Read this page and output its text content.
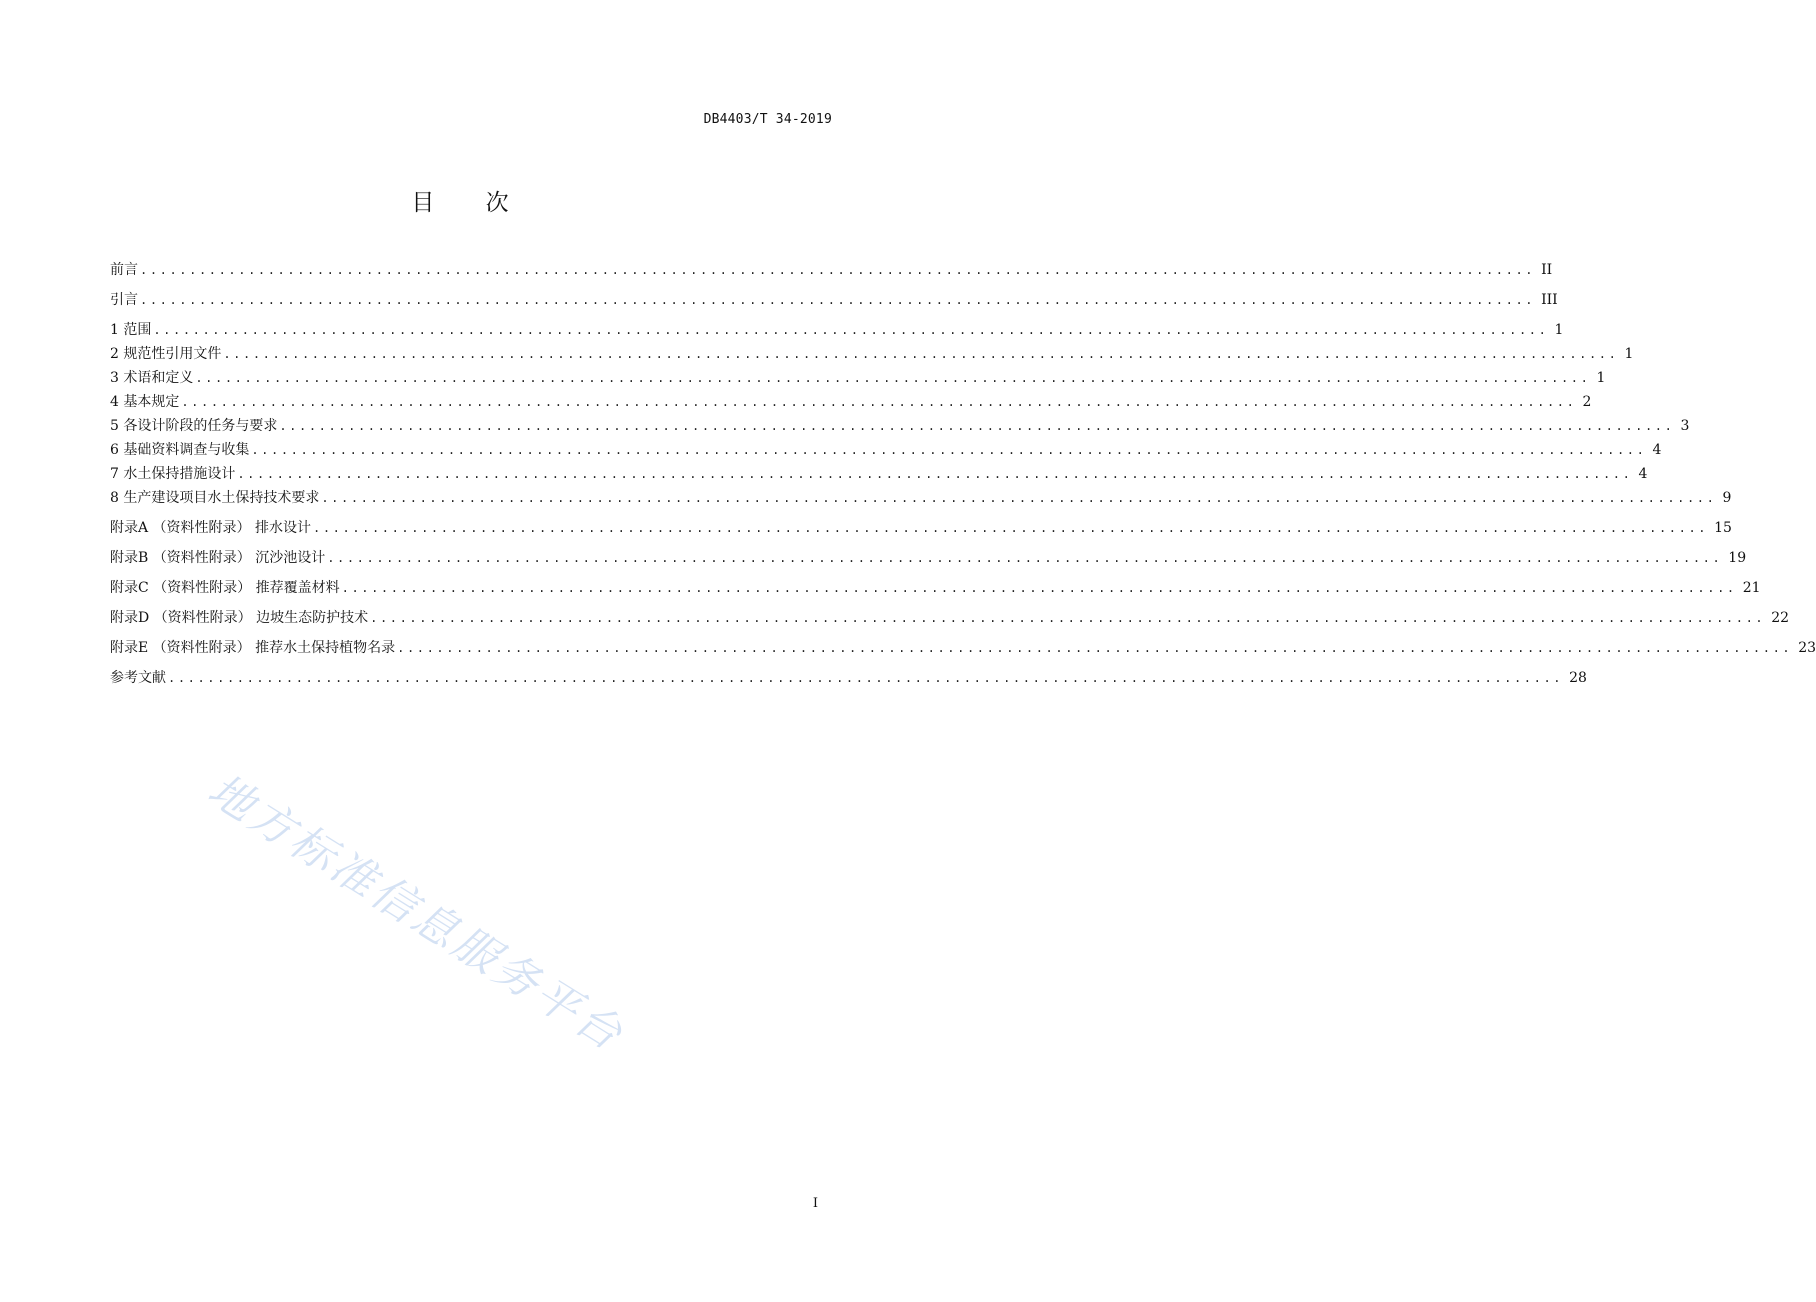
DB4403/T 34-2019
目 次
前言 .............................................................................................................................................. II
引言 .............................................................................................................................................. III
1 范围 .............................................................................................................................................. 1
2 规范性引用文件 .............................................................................................................................................. 1
3 术语和定义 .............................................................................................................................................. 1
4 基本规定 .............................................................................................................................................. 2
5 各设计阶段的任务与要求 .............................................................................................................................................. 3
6 基础资料调查与收集 .............................................................................................................................................. 4
7 水土保持措施设计 .............................................................................................................................................. 4
8 生产建设项目水土保持技术要求 .............................................................................................................................................. 9
附录A （资料性附录） 排水设计 .............................................................................................................................................. 15
附录B （资料性附录） 沉沙池设计 .............................................................................................................................................. 19
附录C （资料性附录） 推荐覆盖材料 .............................................................................................................................................. 21
附录D （资料性附录） 边坡生态防护技术 .............................................................................................................................................. 22
附录E （资料性附录） 推荐水土保持植物名录 .............................................................................................................................................. 23
参考文献 .............................................................................................................................................. 28
地方标准信息服务平台
I
